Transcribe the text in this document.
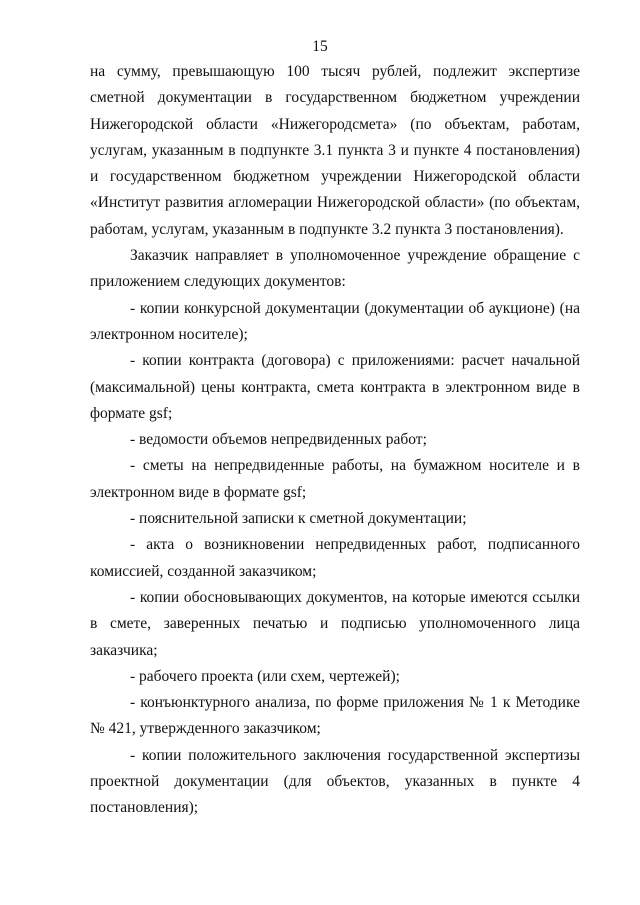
15

на сумму, превышающую 100 тысяч рублей, подлежит экспертизе сметной документации в государственном бюджетном учреждении Нижегородской области «Нижегородсмета» (по объектам, работам, услугам, указанным в подпункте 3.1 пункта 3 и пункте 4 постановления) и государственном бюджетном учреждении Нижегородской области «Институт развития агломерации Нижегородской области» (по объектам, работам, услугам, указанным в подпункте 3.2 пункта 3 постановления).

Заказчик направляет в уполномоченное учреждение обращение с приложением следующих документов:

- копии конкурсной документации (документации об аукционе) (на электронном носителе);

- копии контракта (договора) с приложениями: расчет начальной (максимальной) цены контракта, смета контракта в электронном виде в формате gsf;

- ведомости объемов непредвиденных работ;

- сметы на непредвиденные работы, на бумажном носителе и в электронном виде в формате gsf;

- пояснительной записки к сметной документации;

- акта о возникновении непредвиденных работ, подписанного комиссией, созданной заказчиком;

- копии обосновывающих документов, на которые имеются ссылки в смете, заверенных печатью и подписью уполномоченного лица заказчика;

- рабочего проекта (или схем, чертежей);

- конъюнктурного анализа, по форме приложения № 1 к Методике № 421, утвержденного заказчиком;

- копии положительного заключения государственной экспертизы проектной документации (для объектов, указанных в пункте 4 постановления);
